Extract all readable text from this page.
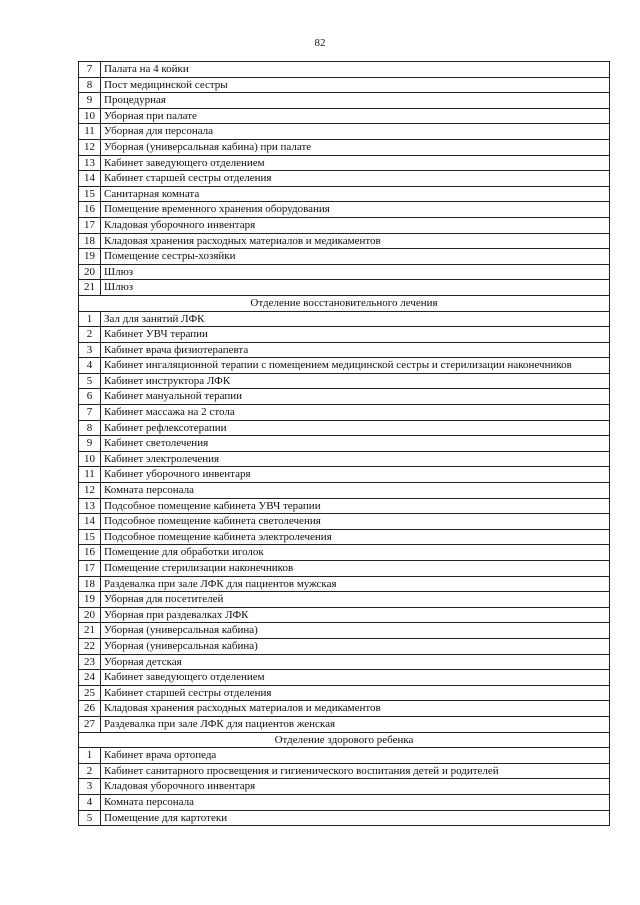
82
7	Палата на 4 койки
8	Пост медицинской сестры
9	Процедурная
10	Уборная при палате
11	Уборная для персонала
12	Уборная (универсальная кабина) при палате
13	Кабинет заведующего отделением
14	Кабинет старшей сестры отделения
15	Санитарная комната
16	Помещение временного хранения оборудования
17	Кладовая уборочного инвентаря
18	Кладовая хранения расходных материалов и медикаментов
19	Помещение сестры-хозяйки
20	Шлюз
21	Шлюз
Отделение восстановительного лечения	
1	Зал для занятий ЛФК
2	Кабинет УВЧ терапии
3	Кабинет врача физиотерапевта
4	Кабинет ингаляционной терапии с помещением медицинской сестры и стерилизации наконечников
5	Кабинет инструктора ЛФК
6	Кабинет мануальной терапии
7	Кабинет массажа на 2 стола
8	Кабинет рефлексотерапии
9	Кабинет светолечения
10	Кабинет электролечения
11	Кабинет уборочного инвентаря
12	Комната персонала
13	Подсобное помещение кабинета УВЧ терапии
14	Подсобное помещение кабинета светолечения
15	Подсобное помещение кабинета электролечения
16	Помещение для обработки иголок
17	Помещение стерилизации наконечников
18	Раздевалка при зале ЛФК для пациентов мужская
19	Уборная для посетителей
20	Уборная при раздевалках ЛФК
21	Уборная (универсальная кабина)
22	Уборная (универсальная кабина)
23	Уборная детская
24	Кабинет заведующего отделением
25	Кабинет старшей сестры отделения
26	Кладовая хранения расходных материалов и медикаментов
27	Раздевалка при зале ЛФК для пациентов женская
Отделение здорового ребенка	
1	Кабинет врача ортопеда
2	Кабинет санитарного просвещения и гигиенического воспитания детей и родителей
3	Кладовая уборочного инвентаря
4	Комната персонала
5	Помещение для картотеки
